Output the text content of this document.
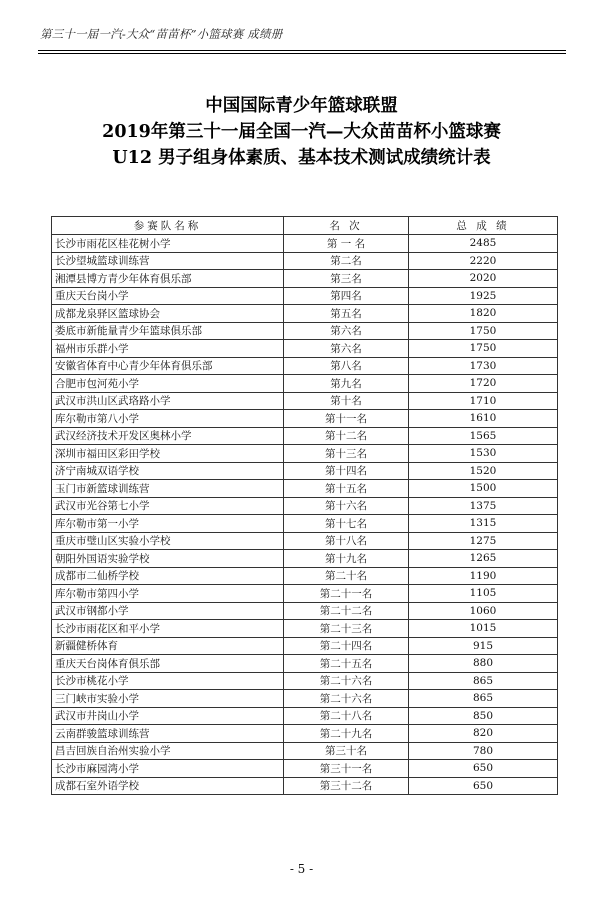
第三十一届一汽-大众“苗苗杯”小篮球赛 成绩册
中国国际青少年篮球联盟
2019年第三十一届全国一汽—大众苗苗杯小篮球赛
U12 男子组身体素质、基本技术测试成绩统计表
参赛队名称	名 次	总 成 绩
长沙市雨花区桂花树小学	第 一 名	2485
长沙望城篮球训练营	第二名	2220
湘潭县博方青少年体育俱乐部	第三名	2020
重庆天台岗小学	第四名	1925
成都龙泉驿区篮球协会	第五名	1820
娄底市新能量青少年篮球俱乐部	第六名	1750
福州市乐群小学	第六名	1750
安徽省体育中心青少年体育俱乐部	第八名	1730
合肥市包河苑小学	第九名	1720
武汉市洪山区武珞路小学	第十名	1710
库尔勒市第八小学	第十一名	1610
武汉经济技术开发区奥林小学	第十二名	1565
深圳市福田区彩田学校	第十三名	1530
济宁南城双语学校	第十四名	1520
玉门市新篮球训练营	第十五名	1500
武汉市光谷第七小学	第十六名	1375
库尔勒市第一小学	第十七名	1315
重庆市璧山区实验小学校	第十八名	1275
朝阳外国语实验学校	第十九名	1265
成都市二仙桥学校	第二十名	1190
库尔勒市第四小学	第二十一名	1105
武汉市钢都小学	第二十二名	1060
长沙市雨花区和平小学	第二十三名	1015
新疆健桥体育	第二十四名	915
重庆天台岗体育俱乐部	第二十五名	880
长沙市桃花小学	第二十六名	865
三门峡市实验小学	第二十六名	865
武汉市井岗山小学	第二十八名	850
云南群骏篮球训练营	第二十九名	820
昌吉回族自治州实验小学	第三十名	780
长沙市麻园湾小学	第三十一名	650
成都石室外语学校	第三十二名	650
- 5 -
